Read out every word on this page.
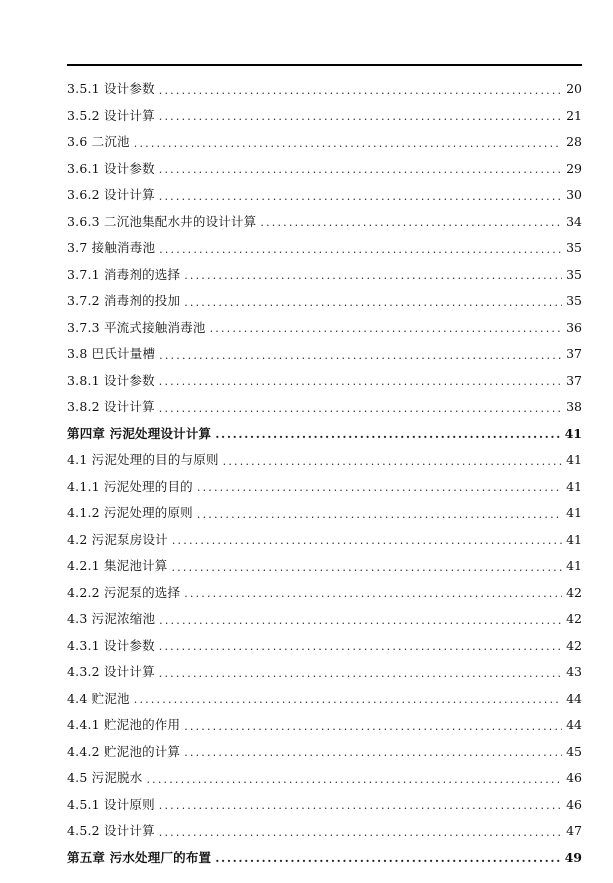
3.5.1 设计参数 .....	20
3.5.2 设计计算 .....	21
3.6 二沉池 .....	28
3.6.1 设计参数 .....	29
3.6.2 设计计算 .....	30
3.6.3 二沉池集配水井的设计计算 .....	34
3.7 接触消毒池 .....	35
3.7.1 消毒剂的选择 .....	35
3.7.2 消毒剂的投加 .....	35
3.7.3 平流式接触消毒池 .....	36
3.8 巴氏计量槽 .....	37
3.8.1 设计参数 .....	37
3.8.2 设计计算 .....	38
第四章 污泥处理设计计算 .....	41
4.1 污泥处理的目的与原则 .....	41
4.1.1 污泥处理的目的 .....	41
4.1.2 污泥处理的原则 .....	41
4.2 污泥泵房设计 .....	41
4.2.1 集泥池计算 .....	41
4.2.2 污泥泵的选择 .....	42
4.3 污泥浓缩池 .....	42
4.3.1 设计参数 .....	42
4.3.2 设计计算 .....	43
4.4 贮泥池 .....	44
4.4.1 贮泥池的作用 .....	44
4.4.2 贮泥池的计算 .....	45
4.5 污泥脱水 .....	46
4.5.1 设计原则 .....	46
4.5.2 设计计算 .....	47
第五章 污水处理厂的布置 .....	49
